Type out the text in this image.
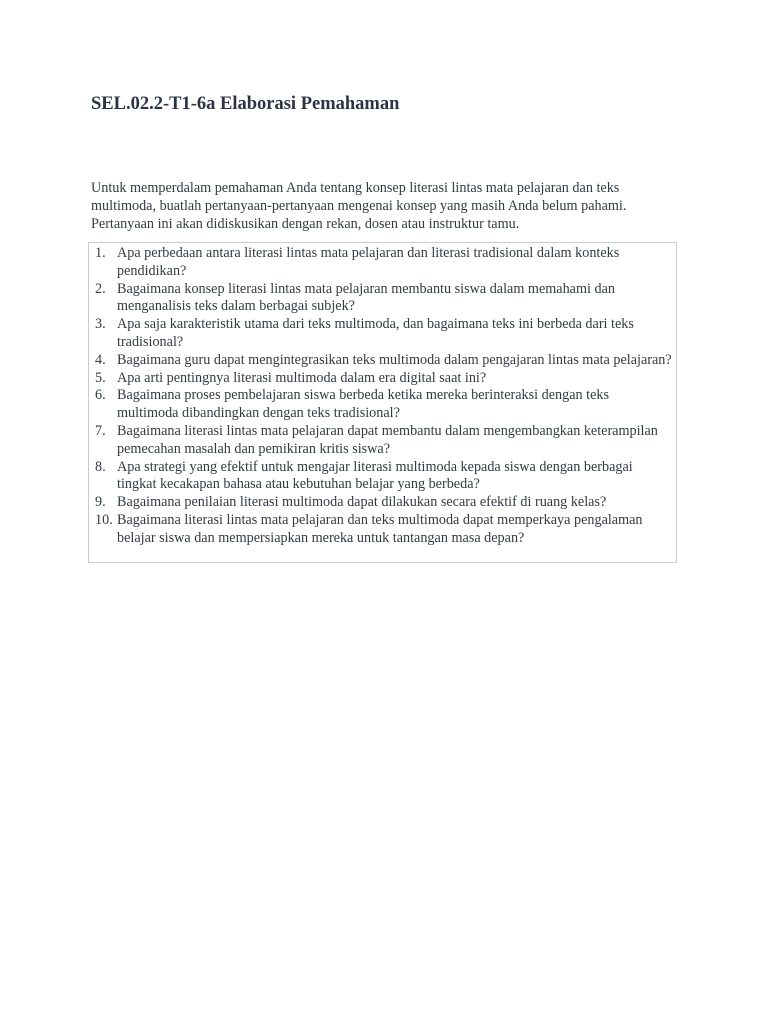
SEL.02.2-T1-6a Elaborasi Pemahaman

Untuk memperdalam pemahaman Anda tentang konsep literasi lintas mata pelajaran dan teks multimoda, buatlah pertanyaan-pertanyaan mengenai konsep yang masih Anda belum pahami. Pertanyaan ini akan didiskusikan dengan rekan, dosen atau instruktur tamu.

1. Apa perbedaan antara literasi lintas mata pelajaran dan literasi tradisional dalam konteks pendidikan?
2. Bagaimana konsep literasi lintas mata pelajaran membantu siswa dalam memahami dan menganalisis teks dalam berbagai subjek?
3. Apa saja karakteristik utama dari teks multimoda, dan bagaimana teks ini berbeda dari teks tradisional?
4. Bagaimana guru dapat mengintegrasikan teks multimoda dalam pengajaran lintas mata pelajaran?
5. Apa arti pentingnya literasi multimoda dalam era digital saat ini?
6. Bagaimana proses pembelajaran siswa berbeda ketika mereka berinteraksi dengan teks multimoda dibandingkan dengan teks tradisional?
7. Bagaimana literasi lintas mata pelajaran dapat membantu dalam mengembangkan keterampilan pemecahan masalah dan pemikiran kritis siswa?
8. Apa strategi yang efektif untuk mengajar literasi multimoda kepada siswa dengan berbagai tingkat kecakapan bahasa atau kebutuhan belajar yang berbeda?
9. Bagaimana penilaian literasi multimoda dapat dilakukan secara efektif di ruang kelas?
10. Bagaimana literasi lintas mata pelajaran dan teks multimoda dapat memperkaya pengalaman belajar siswa dan mempersiapkan mereka untuk tantangan masa depan?
